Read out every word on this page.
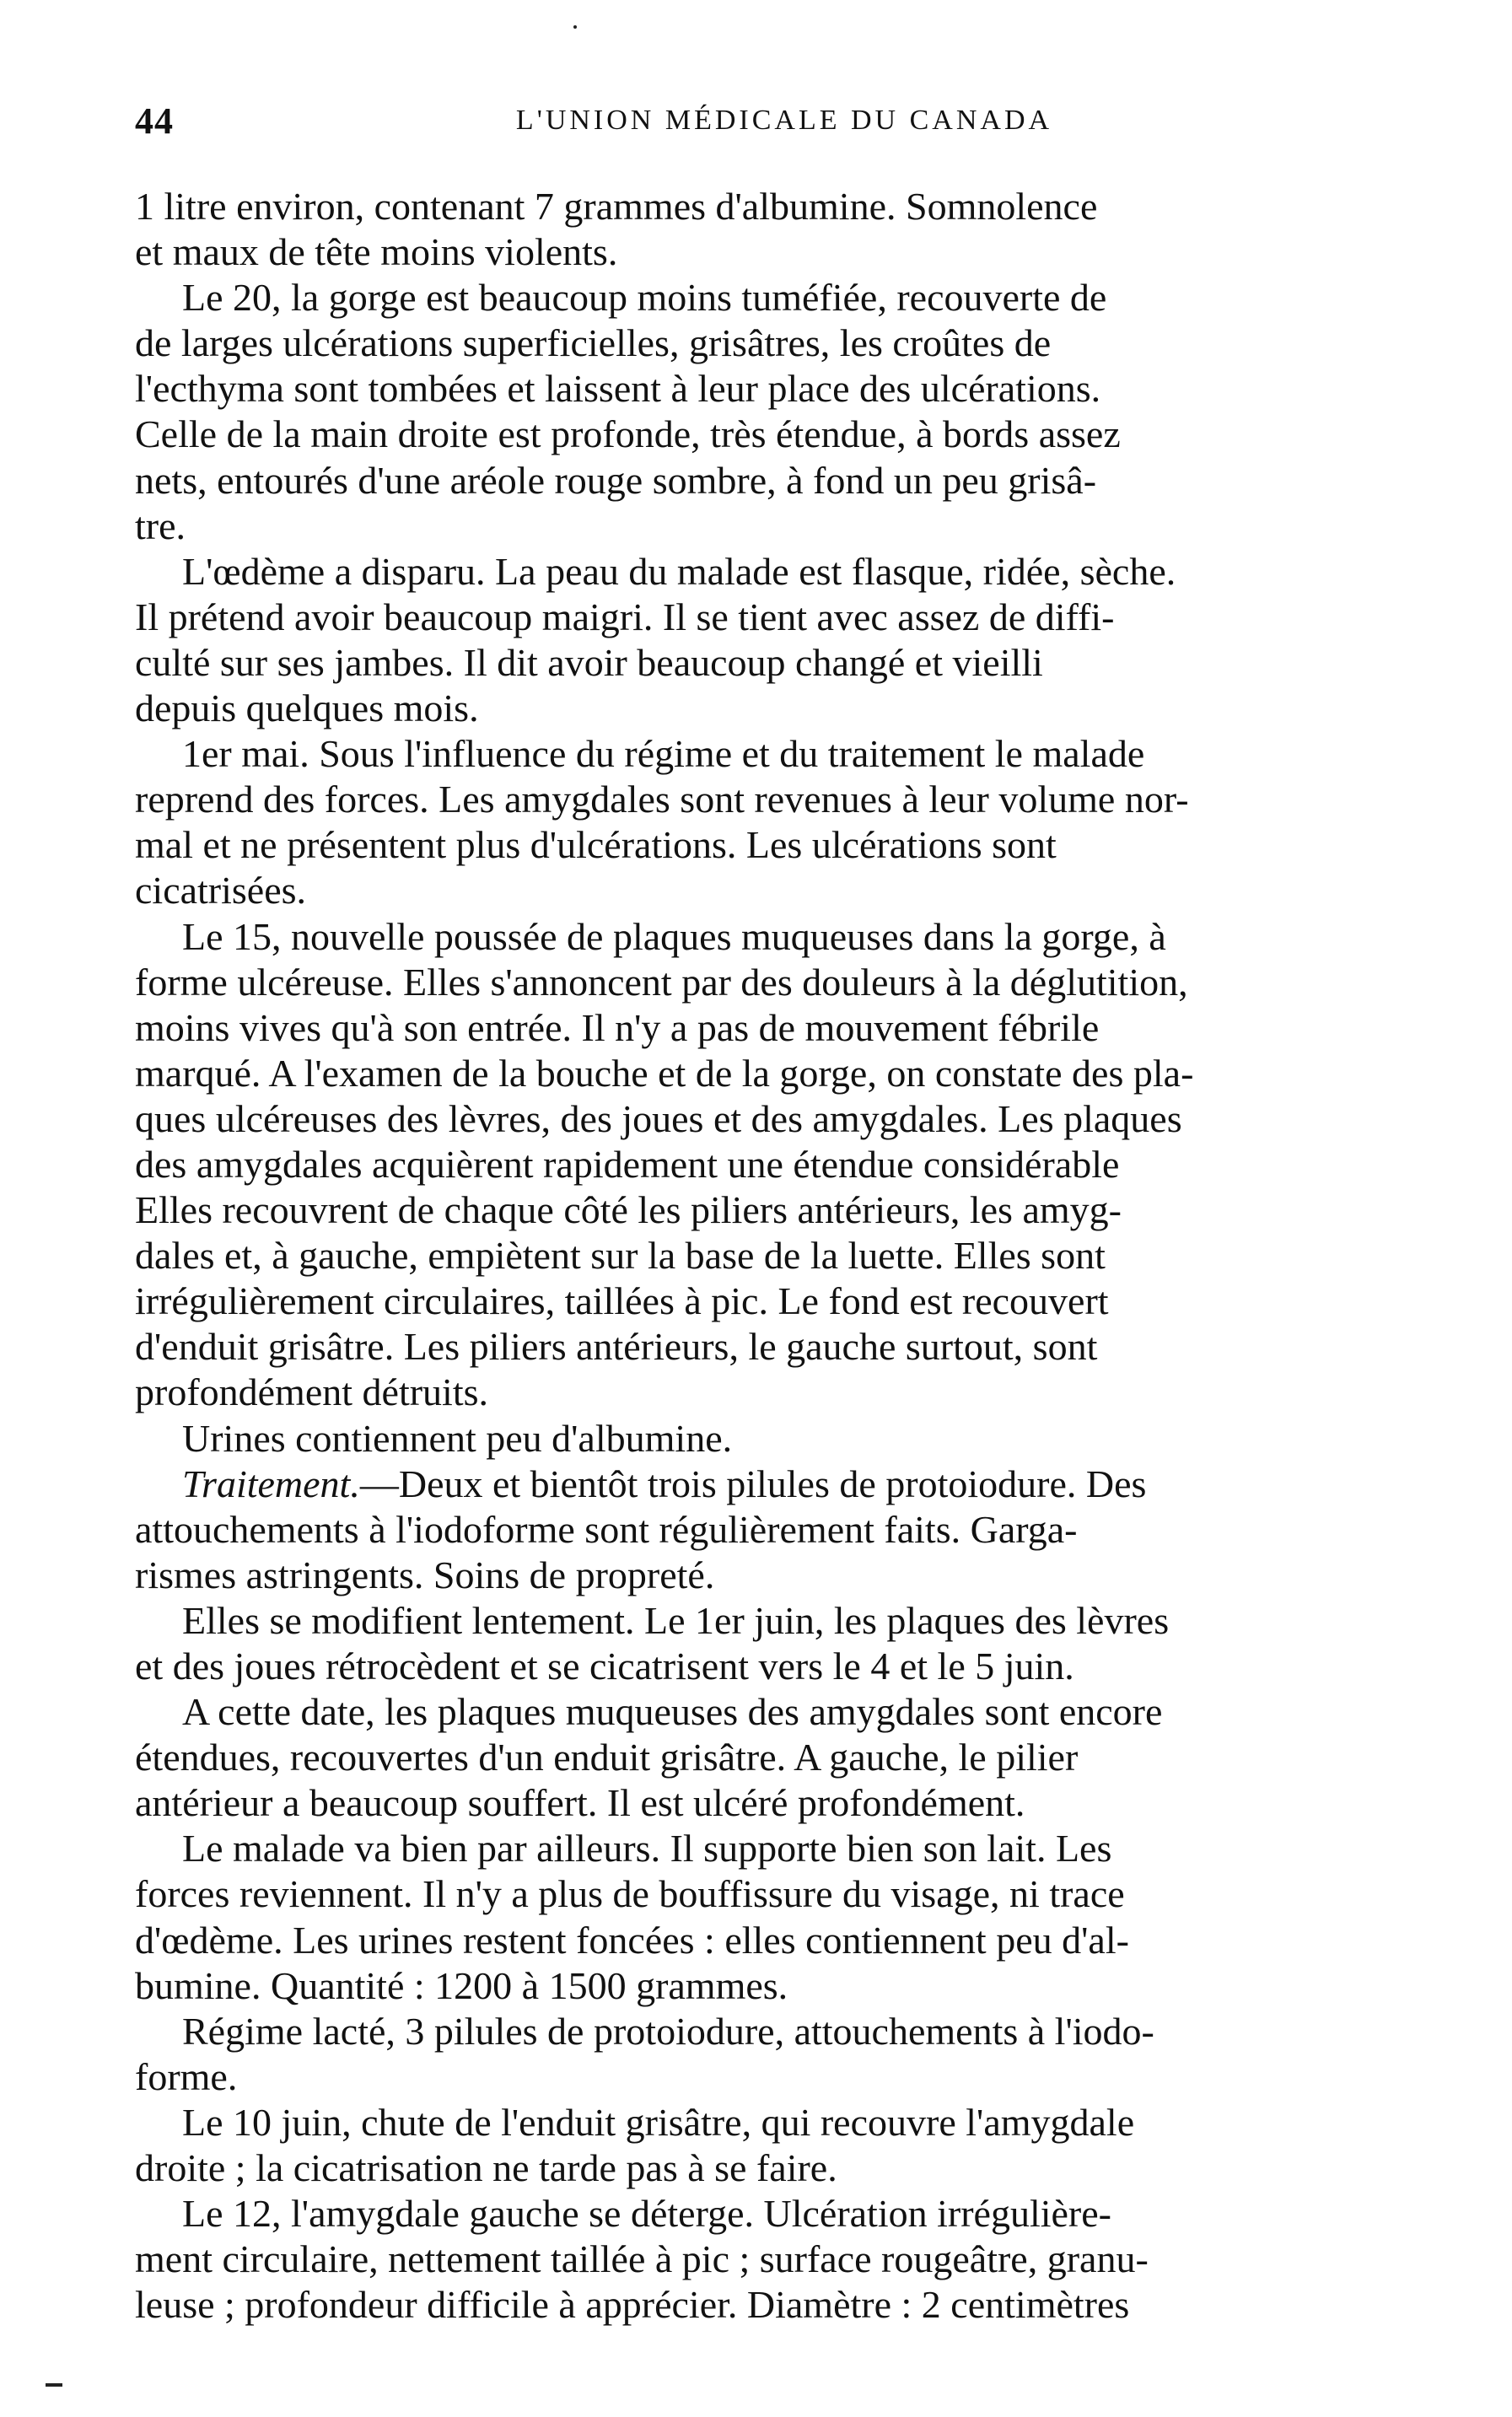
44	L'UNION MÉDICALE DU CANADA
1 litre environ, contenant 7 grammes d'albumine. Somnolence
et maux de tête moins violents.
Le 20, la gorge est beaucoup moins tuméfiée, recouverte de
de larges ulcérations superficielles, grisâtres, les croûtes de
l'ecthyma sont tombées et laissent à leur place des ulcérations.
Celle de la main droite est profonde, très étendue, à bords assez
nets, entourés d'une aréole rouge sombre, à fond un peu grisâ-
tre.
L'œdème a disparu. La peau du malade est flasque, ridée, sèche.
Il prétend avoir beaucoup maigri. Il se tient avec assez de diffi-
culté sur ses jambes. Il dit avoir beaucoup changé et vieilli
depuis quelques mois.
1er mai. Sous l'influence du régime et du traitement le malade
reprend des forces. Les amygdales sont revenues à leur volume nor-
mal et ne présentent plus d'ulcérations. Les ulcérations sont
cicatrisées.
Le 15, nouvelle poussée de plaques muqueuses dans la gorge, à
forme ulcéreuse. Elles s'annoncent par des douleurs à la déglutition,
moins vives qu'à son entrée. Il n'y a pas de mouvement fébrile
marqué. A l'examen de la bouche et de la gorge, on constate des pla-
ques ulcéreuses des lèvres, des joues et des amygdales. Les plaques
des amygdales acquièrent rapidement une étendue considérable
Elles recouvrent de chaque côté les piliers antérieurs, les amyg-
dales et, à gauche, empiètent sur la base de la luette. Elles sont
irrégulièrement circulaires, taillées à pic. Le fond est recouvert
d'enduit grisâtre. Les piliers antérieurs, le gauche surtout, sont
profondément détruits.
Urines contiennent peu d'albumine.
Traitement.—Deux et bientôt trois pilules de protoiodure. Des
attouchements à l'iodoforme sont régulièrement faits. Garga-
rismes astringents. Soins de propreté.
Elles se modifient lentement. Le 1er juin, les plaques des lèvres
et des joues rétrocèdent et se cicatrisent vers le 4 et le 5 juin.
A cette date, les plaques muqueuses des amygdales sont encore
étendues, recouvertes d'un enduit grisâtre. A gauche, le pilier
antérieur a beaucoup souffert. Il est ulcéré profondément.
Le malade va bien par ailleurs. Il supporte bien son lait. Les
forces reviennent. Il n'y a plus de bouffissure du visage, ni trace
d'œdème. Les urines restent foncées : elles contiennent peu d'al-
bumine. Quantité : 1200 à 1500 grammes.
Régime lacté, 3 pilules de protoiodure, attouchements à l'iodo-
forme.
Le 10 juin, chute de l'enduit grisâtre, qui recouvre l'amygdale
droite ; la cicatrisation ne tarde pas à se faire.
Le 12, l'amygdale gauche se déterge. Ulcération irrégulière-
ment circulaire, nettement taillée à pic ; surface rougeâtre, granu-
leuse ; profondeur difficile à apprécier. Diamètre : 2 centimètres
